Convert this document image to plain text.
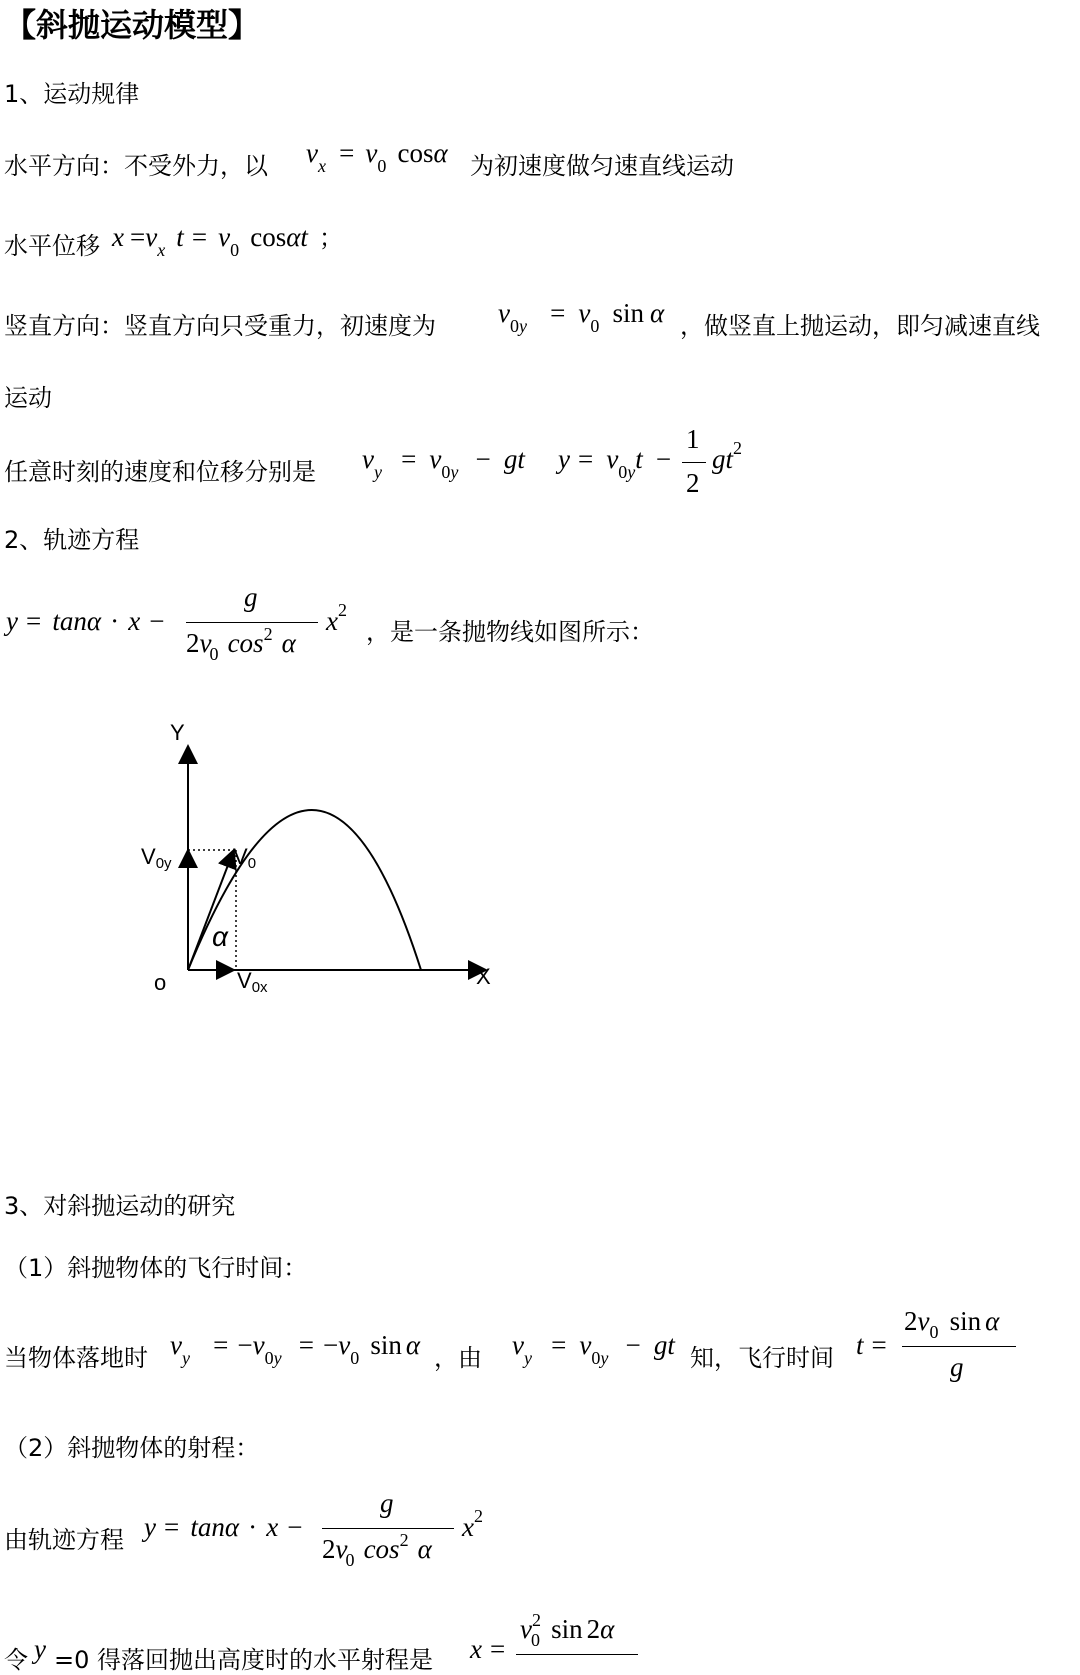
【斜抛运动模型】
1、运动规律
水平方向：不受外力，以 vx = v0 cosα 为初速度做匀速直线运动
水平位移 x =vx t = v0 cosαt ；
竖直方向：竖直方向只受重力，初速度为 v0y = v0 sin α ，做竖直上抛运动，即匀减速直线
运动
任意时刻的速度和位移分别是 vy = v0y − gt y = v0yt −
1
2
gt2
2、轨迹方程
y = tanα · x −
g
2v0 cos2 α
x2
，是一条抛物线如图所示：
Y
X
o
V0y	V0
V0x
α
3、对斜抛运动的研究
（1）斜抛物体的飞行时间：
当物体落地时 vy = −v0y = −v0 sin α ，由 vy = v0y − gt 知，飞行时间 t =
2v0 sin α
g
（2）斜抛物体的射程：
由轨迹方程 y = tanα · x −
g
2v0 cos2 α
x2
令 y =0 得落回抛出高度时的水平射程是 x =
v20 sin 2α
